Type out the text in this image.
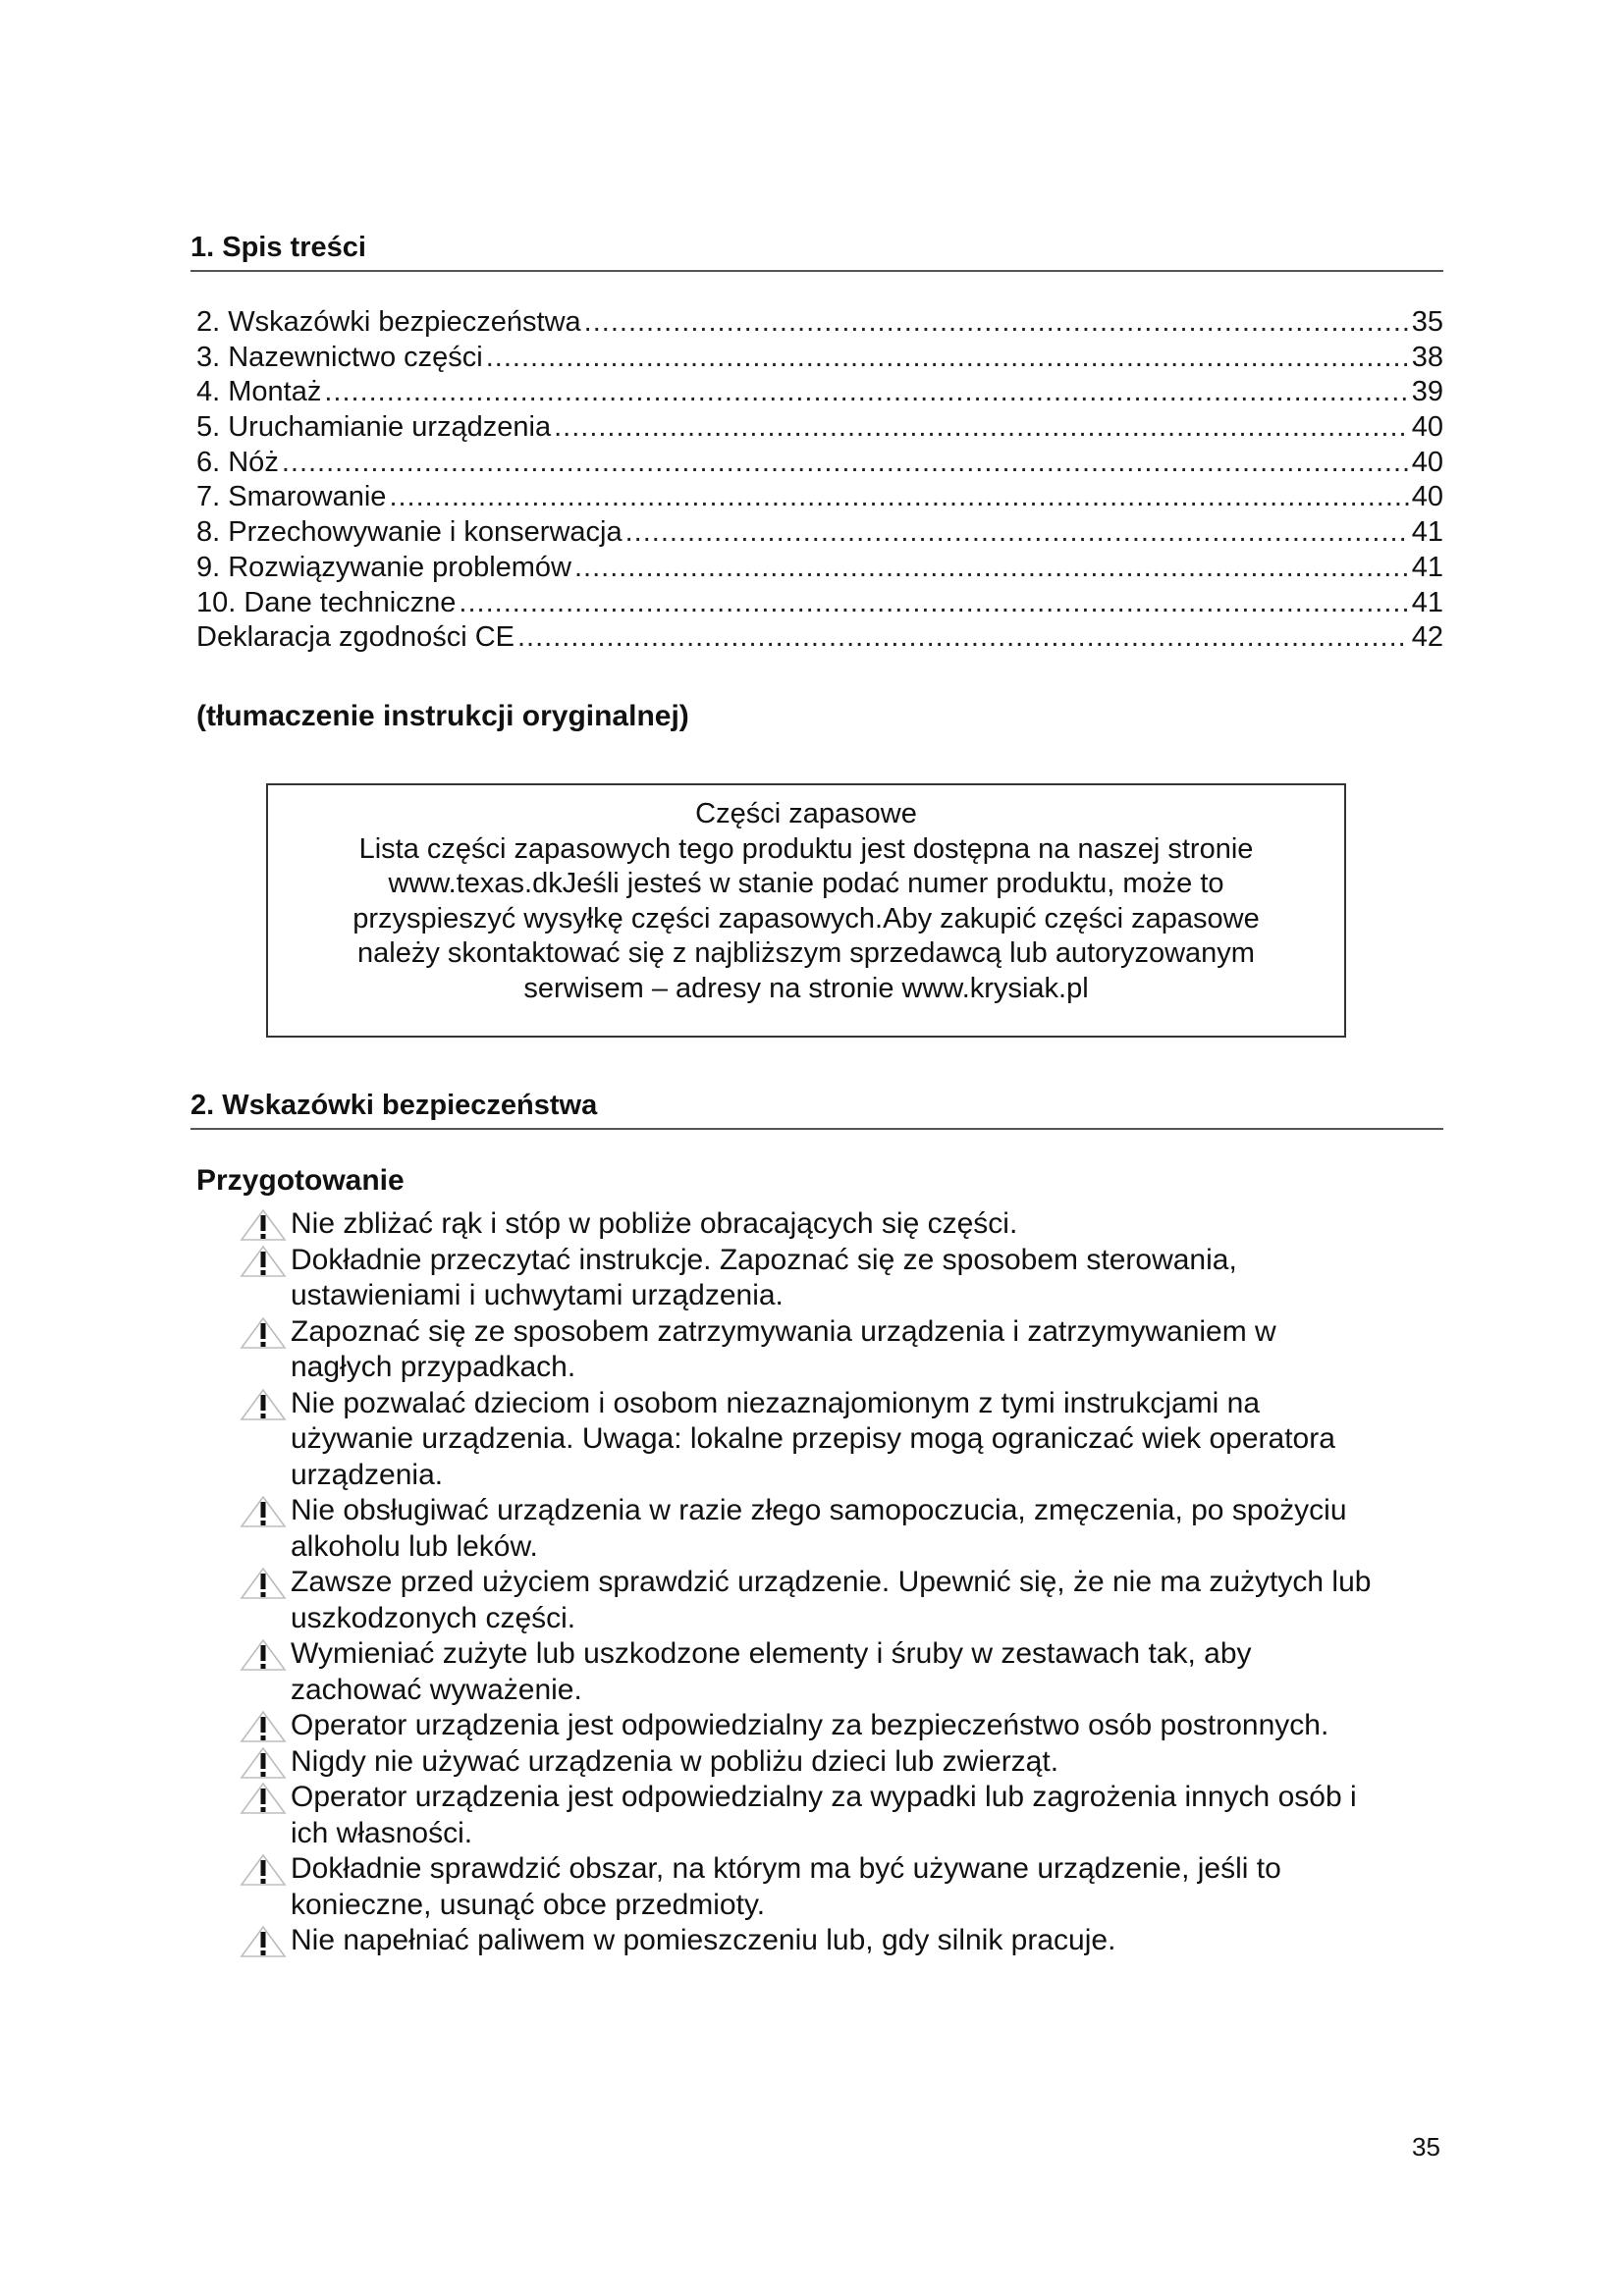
1. Spis treści
2. Wskazówki bezpieczeństwa .....	35
3. Nazewnictwo części .....	38
4. Montaż .....	39
5. Uruchamianie urządzenia .....	40
6. Nóż .....	40
7. Smarowanie .....	40
8. Przechowywanie i konserwacja .....	41
9. Rozwiązywanie problemów .....	41
10. Dane techniczne .....	41
Deklaracja zgodności CE .....	42
(tłumaczenie instrukcji oryginalnej)
Części zapasowe
Lista części zapasowych tego produktu jest dostępna na naszej stronie
www.texas.dkJeśli jesteś w stanie podać numer produktu, może to
przyspieszyć wysyłkę części zapasowych.Aby zakupić części zapasowe
należy skontaktować się z najbliższym sprzedawcą lub autoryzowanym
serwisem – adresy na stronie www.krysiak.pl
2. Wskazówki bezpieczeństwa
Przygotowanie
Nie zbliżać rąk i stóp w pobliże obracających się części.
Dokładnie przeczytać instrukcje. Zapoznać się ze sposobem sterowania,
ustawieniami i uchwytami urządzenia.
Zapoznać się ze sposobem zatrzymywania urządzenia i zatrzymywaniem w
nagłych przypadkach.
Nie pozwalać dzieciom i osobom niezaznajomionym z tymi instrukcjami na
używanie urządzenia. Uwaga: lokalne przepisy mogą ograniczać wiek operatora
urządzenia.
Nie obsługiwać urządzenia w razie złego samopoczucia, zmęczenia, po spożyciu
alkoholu lub leków.
Zawsze przed użyciem sprawdzić urządzenie. Upewnić się, że nie ma zużytych lub
uszkodzonych części.
Wymieniać zużyte lub uszkodzone elementy i śruby w zestawach tak, aby
zachować wyważenie.
Operator urządzenia jest odpowiedzialny za bezpieczeństwo osób postronnych.
Nigdy nie używać urządzenia w pobliżu dzieci lub zwierząt.
Operator urządzenia jest odpowiedzialny za wypadki lub zagrożenia innych osób i
ich własności.
Dokładnie sprawdzić obszar, na którym ma być używane urządzenie, jeśli to
konieczne, usunąć obce przedmioty.
Nie napełniać paliwem w pomieszczeniu lub, gdy silnik pracuje.
35
